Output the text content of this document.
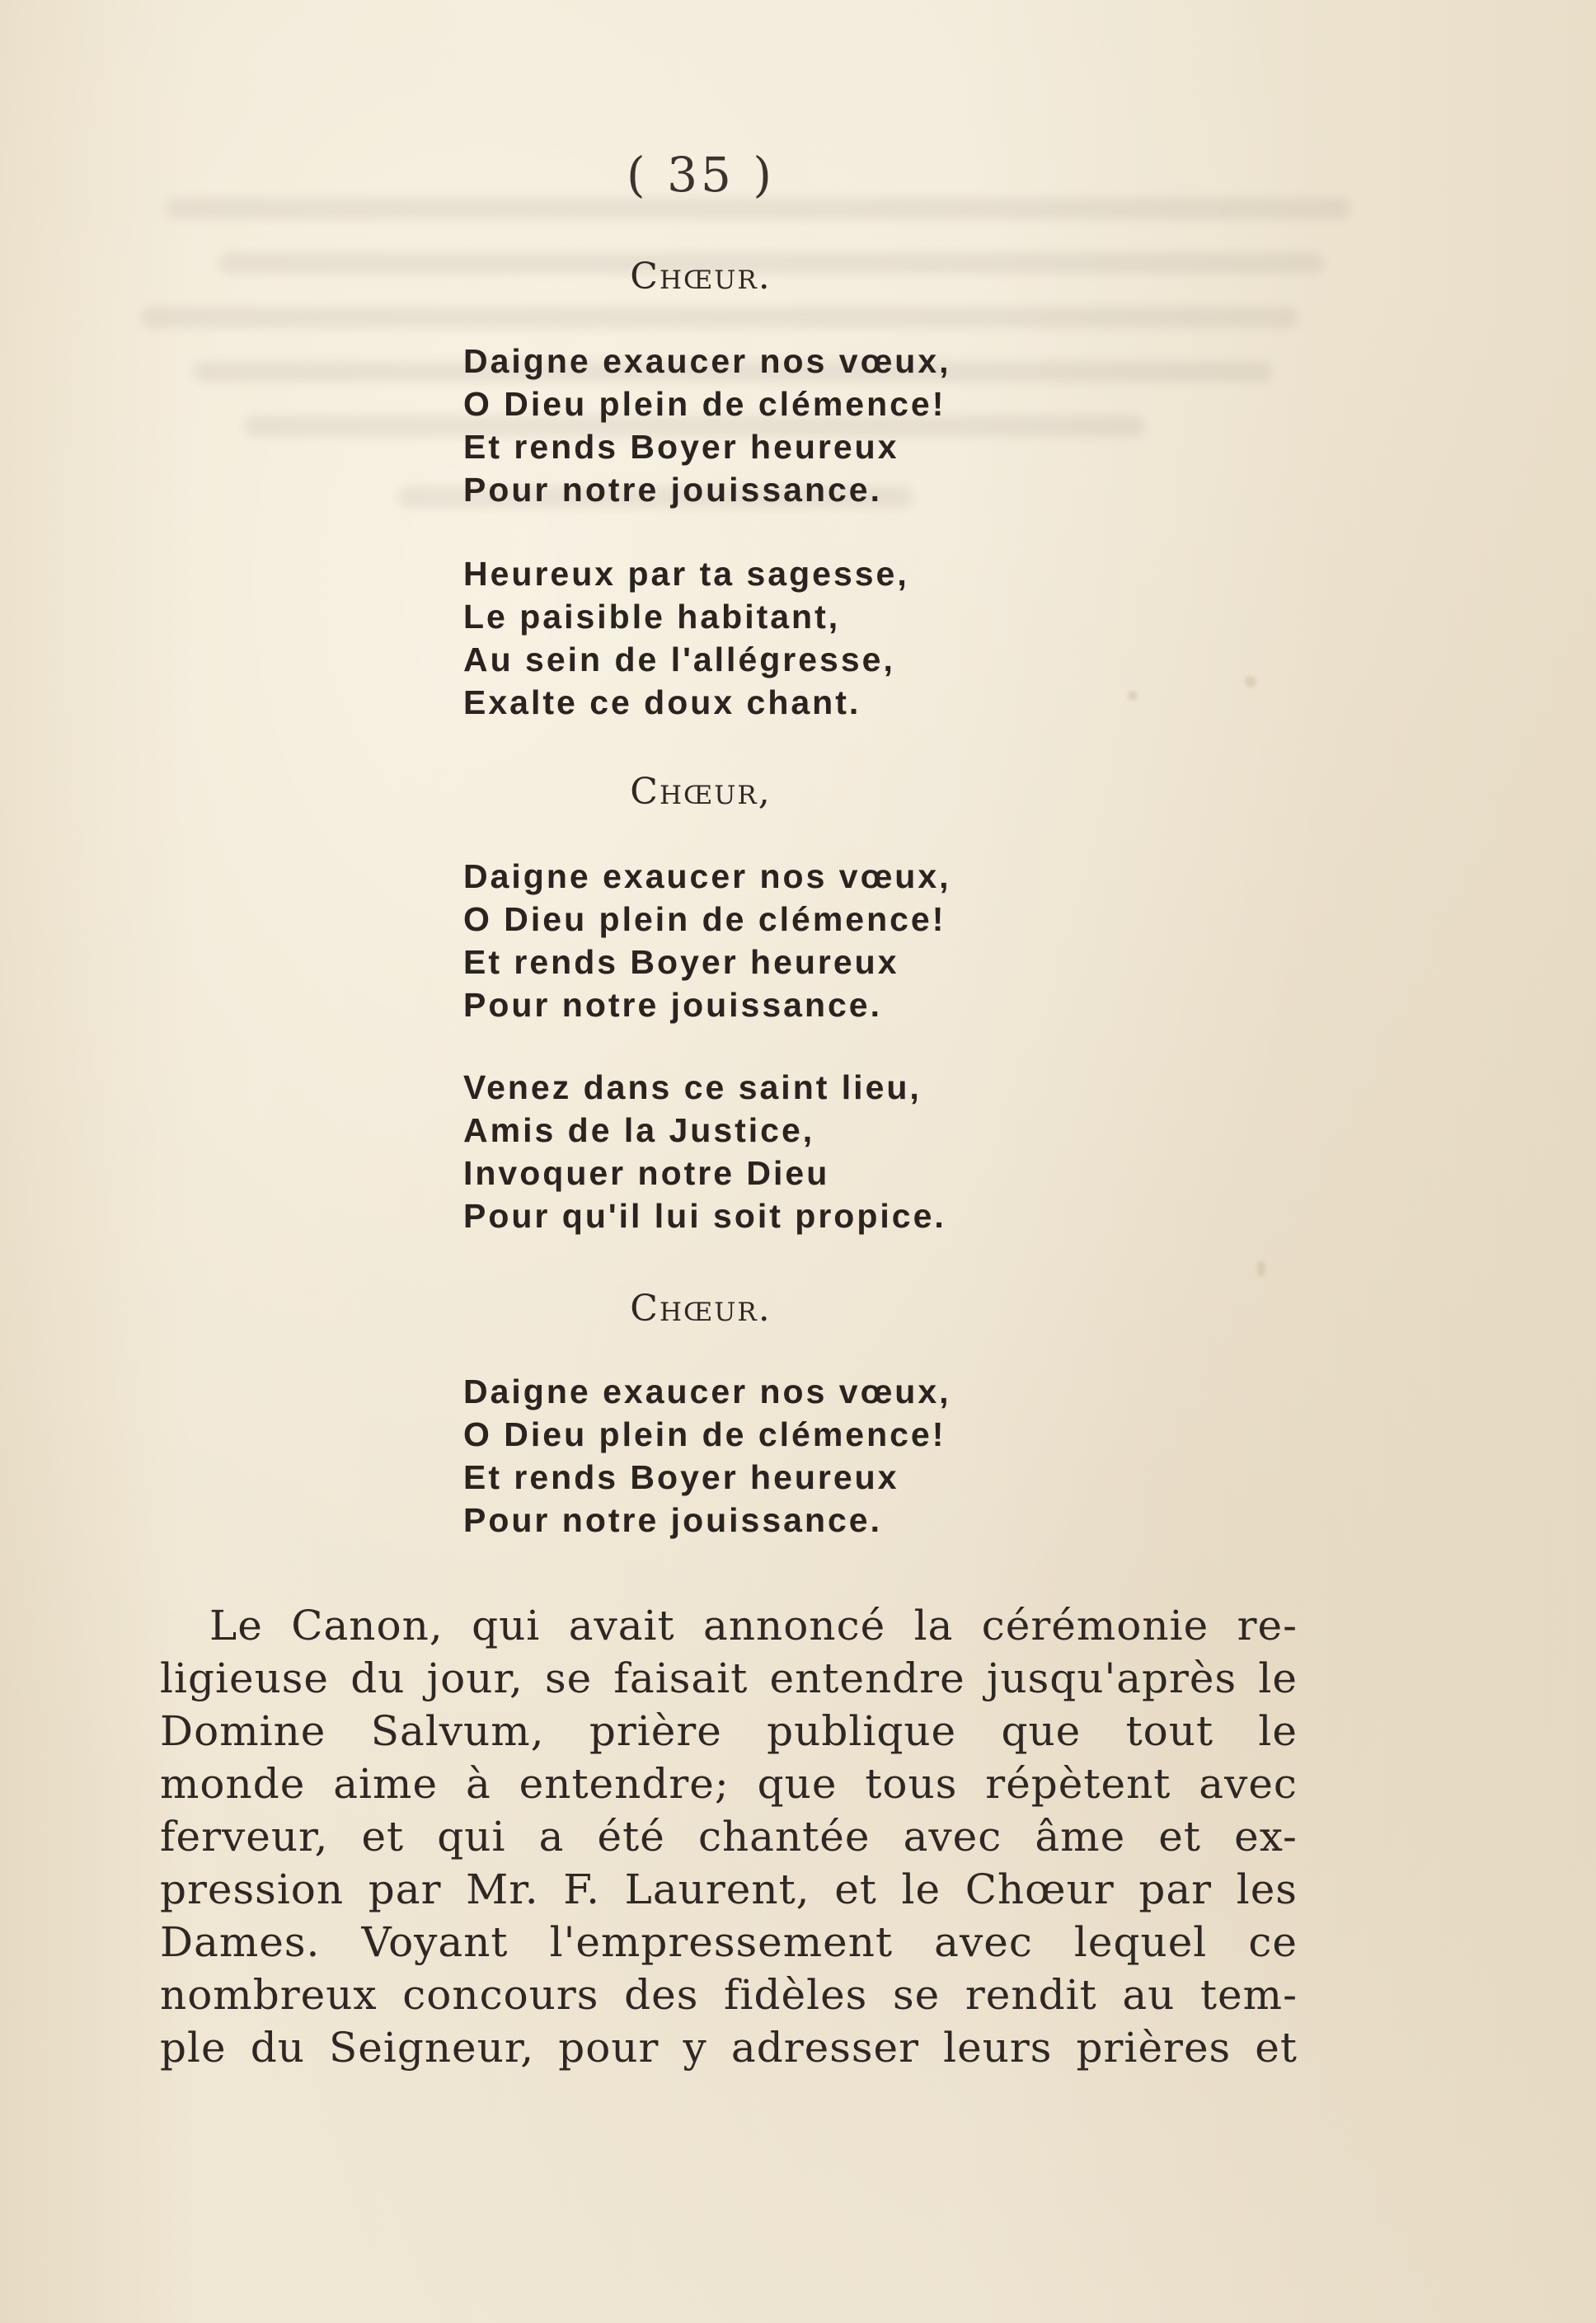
( 35 )
Chœur.
Daigne exaucer nos vœux,
O Dieu plein de clémence!
Et rends Boyer heureux
Pour notre jouissance.
Heureux par ta sagesse,
Le paisible habitant,
Au sein de l'allégresse,
Exalte ce doux chant.
Chœur,
Daigne exaucer nos vœux,
O Dieu plein de clémence!
Et rends Boyer heureux
Pour notre jouissance.
Venez dans ce saint lieu,
Amis de la Justice,
Invoquer notre Dieu
Pour qu'il lui soit propice.
Chœur.
Daigne exaucer nos vœux,
O Dieu plein de clémence!
Et rends Boyer heureux
Pour notre jouissance.
Le Canon, qui avait annoncé la cérémonie re-
ligieuse du jour, se faisait entendre jusqu'après le
Domine Salvum, prière publique que tout le
monde aime à entendre; que tous répètent avec
ferveur, et qui a été chantée avec âme et ex-
pression par Mr. F. Laurent, et le Chœur par les
Dames. Voyant l'empressement avec lequel ce
nombreux concours des fidèles se rendit au tem-
ple du Seigneur, pour y adresser leurs prières et
